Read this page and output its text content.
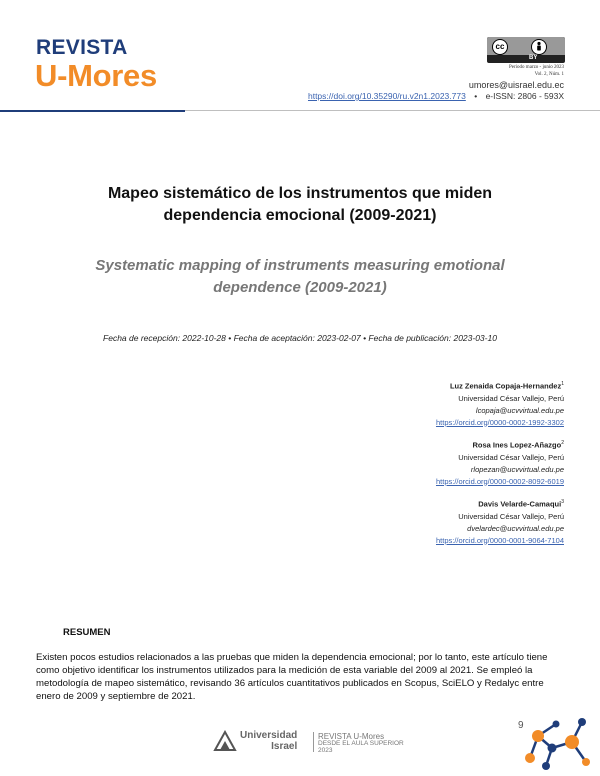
REVISTA
U-Mores
cc
BY
Periodo marzo - junio 2023
Vol. 2, Núm. 1
umores@uisrael.edu.ec
https://doi.org/10.35290/ru.v2n1.2023.773 • e-ISSN: 2806 - 593X
Mapeo sistemático de los instrumentos que miden
dependencia emocional (2009-2021)
Systematic mapping of instruments measuring emotional
dependence (2009-2021)
Fecha de recepción: 2022-10-28 • Fecha de aceptación: 2023-02-07 • Fecha de publicación: 2023-03-10
Luz Zenaida Copaja-Hernandez$^1$
Universidad César Vallejo, Perú
lcopaja@ucvvirtual.edu.pe
https://orcid.org/0000-0002-1992-3302
Rosa Ines Lopez-Añazgo$^2$
Universidad César Vallejo, Perú
rlopezan@ucvvirtual.edu.pe
https://orcid.org/0000-0002-8092-6019
Davis Velarde-Camaqui$^3$
Universidad César Vallejo, Perú
dvelardec@ucvvirtual.edu.pe
https://orcid.org/0000-0001-9064-7104
RESUMEN
Existen pocos estudios relacionados a las pruebas que miden la dependencia emocional; por lo tanto, este artículo tiene como objetivo identificar los instrumentos utilizados para la medición de esta variable del 2009 al 2021. Se empleó la metodología de mapeo sistemático, revisando 36 artículos cuantitativos publicados en Scopus, SciELO y Redalyc entre enero de 2009 y septiembre de 2021.
9
Universidad
Israel
REVISTA U-Mores
DESDE EL AULA SUPERIOR
2023
